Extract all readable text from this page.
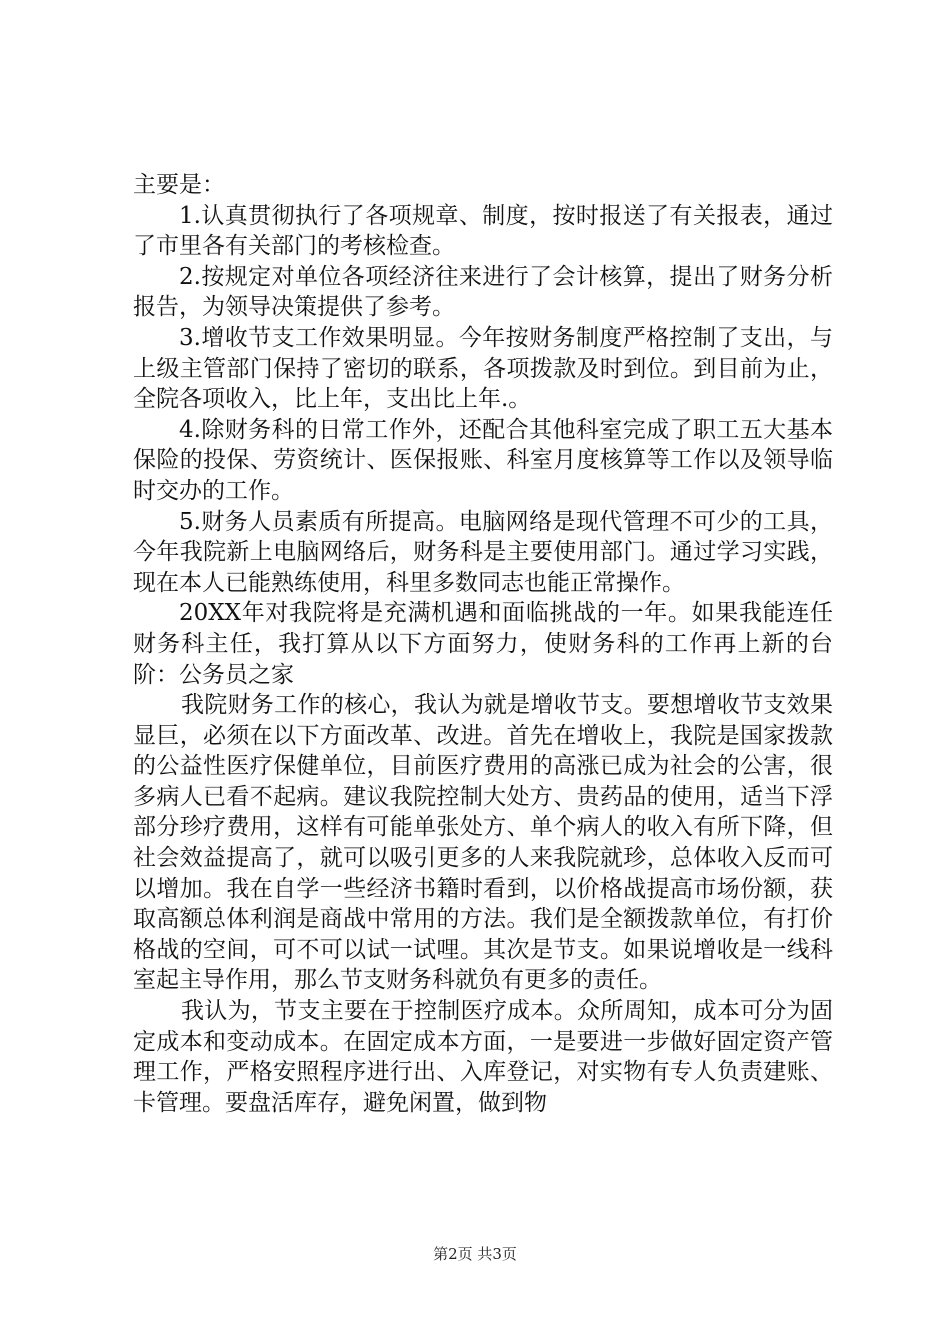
主要是：

1.认真贯彻执行了各项规章、制度，按时报送了有关报表，通过了市里各有关部门的考核检查。

2.按规定对单位各项经济往来进行了会计核算，提出了财务分析报告，为领导决策提供了参考。

3.增收节支工作效果明显。今年按财务制度严格控制了支出，与上级主管部门保持了密切的联系，各项拨款及时到位。到目前为止，全院各项收入，比上年，支出比上年.。

4.除财务科的日常工作外，还配合其他科室完成了职工五大基本保险的投保、劳资统计、医保报账、科室月度核算等工作以及领导临时交办的工作。

5.财务人员素质有所提高。电脑网络是现代管理不可少的工具，今年我院新上电脑网络后，财务科是主要使用部门。通过学习实践，现在本人已能熟练使用，科里多数同志也能正常操作。

20XX年对我院将是充满机遇和面临挑战的一年。如果我能连任财务科主任，我打算从以下方面努力，使财务科的工作再上新的台阶：公务员之家

我院财务工作的核心，我认为就是增收节支。要想增收节支效果显巨，必须在以下方面改革、改进。首先在增收上，我院是国家拨款的公益性医疗保健单位，目前医疗费用的高涨已成为社会的公害，很多病人已看不起病。建议我院控制大处方、贵药品的使用，适当下浮部分珍疗费用，这样有可能单张处方、单个病人的收入有所下降，但社会效益提高了，就可以吸引更多的人来我院就珍，总体收入反而可以增加。我在自学一些经济书籍时看到，以价格战提高市场份额，获取高额总体利润是商战中常用的方法。我们是全额拨款单位，有打价格战的空间，可不可以试一试哩。其次是节支。如果说增收是一线科室起主导作用，那么节支财务科就负有更多的责任。

我认为，节支主要在于控制医疗成本。众所周知，成本可分为固定成本和变动成本。在固定成本方面，一是要进一步做好固定资产管理工作，严格安照程序进行出、入库登记，对实物有专人负责建账、卡管理。要盘活库存，避免闲置，做到物

第2页 共3页
